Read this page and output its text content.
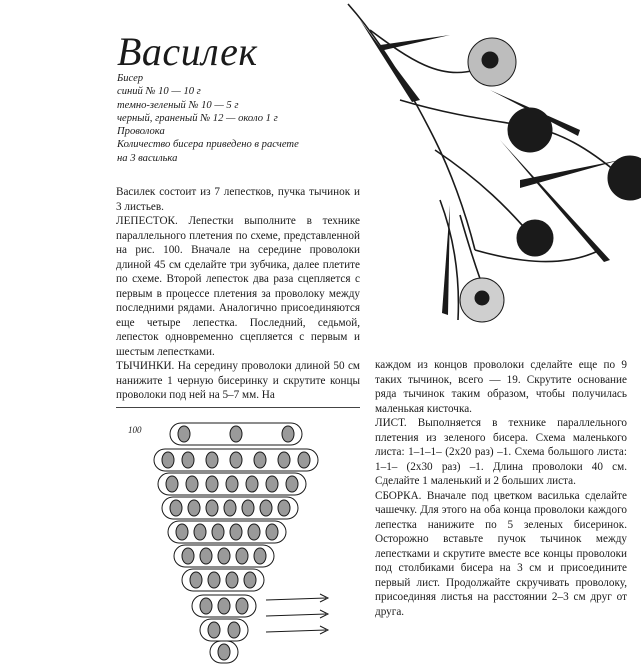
Василек
Бисер
синий № 10 — 10 г
темно-зеленый № 10 — 5 г
черный, граненый № 12 — около 1 г
Проволока
Количество бисера приведено в расчете
на 3 василька

Василек состоит из 7 лепестков, пучка тычинок и 3 листьев.

ЛЕПЕСТОК. Лепестки выполните в технике параллельного плетения по схеме, представленной на рис. 100. Вначале на середине проволоки длиной 45 см сделайте три зубчика, далее плетите по схеме. Второй лепесток два раза сцепляется с первым в процессе плетения за проволоку между последними рядами. Аналогично присоединяются еще четыре лепестка. Последний, седьмой, лепесток одновременно сцепляется с первым и шестым лепестками.

ТЫЧИНКИ. На середину проволоки длиной 50 см нанижите 1 черную бисеринку и скрутите концы проволоки под ней на 5–7 мм. На

каждом из концов проволоки сделайте еще по 9 таких тычинок, всего — 19. Скрутите основание ряда тычинок таким образом, чтобы получилась маленькая кисточка.

ЛИСТ. Выполняется в технике параллельного плетения из зеленого бисера. Схема маленького листа: 1–1–1– (2х20 раз) –1. Схема большого листа: 1–1– (2х30 раз) –1. Длина проволоки 40 см. Сделайте 1 маленький и 2 больших листа.

СБОРКА. Вначале под цветком василька сделайте чашечку. Для этого на оба конца проволоки каждого лепестка нанижите по 5 зеленых бисеринок. Осторожно вставьте пучок тычинок между лепестками и скрутите вместе все концы проволоки под столбиками бисера на 3 см и присоедините первый лист. Продолжайте скручивать проволоку, присоединяя листья на расстоянии 2–3 см друг от друга.

100
